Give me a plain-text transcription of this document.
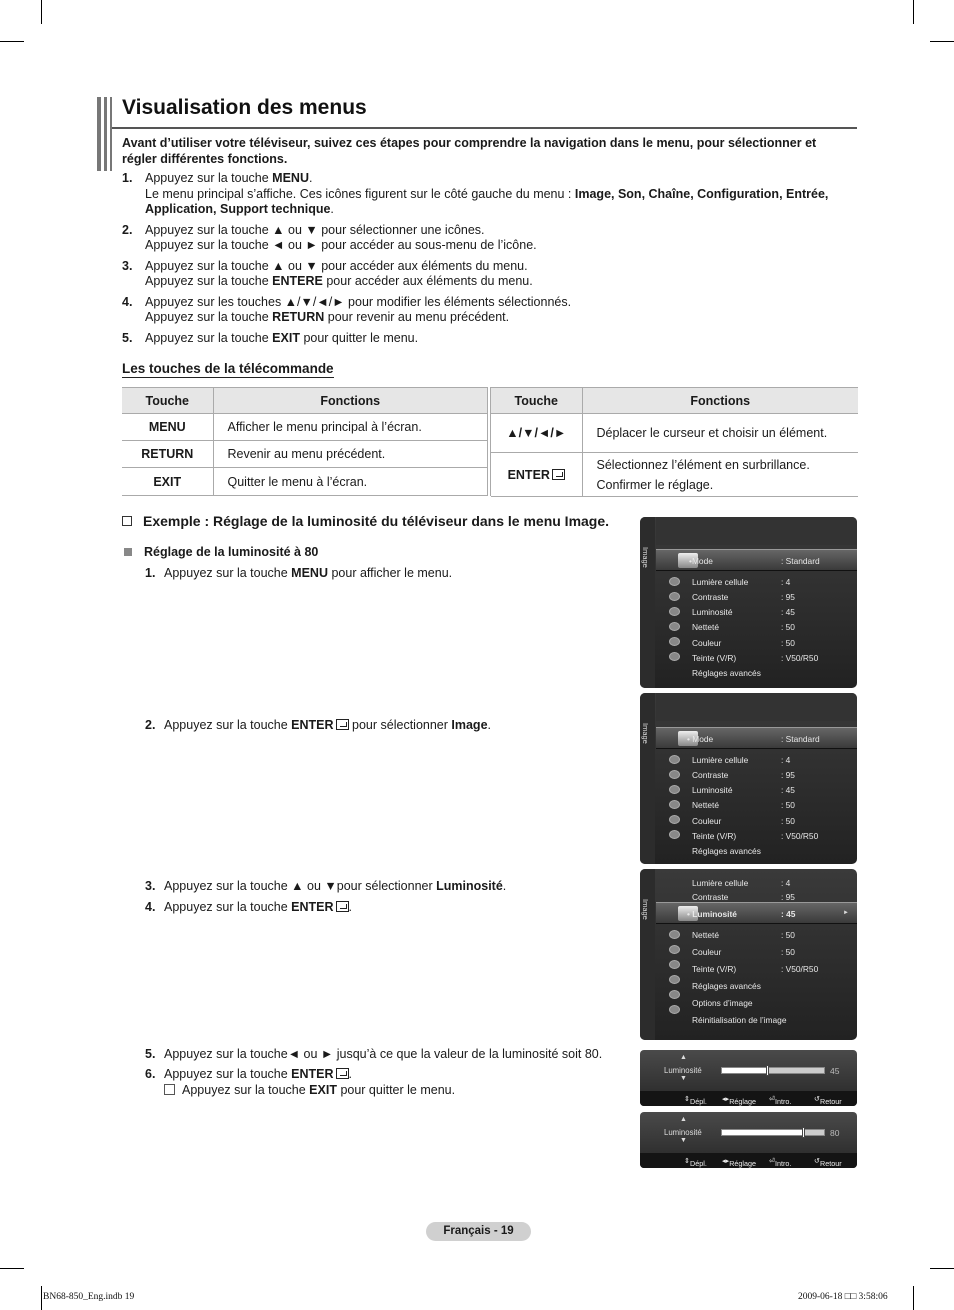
Visualisation des menus
Avant d’utiliser votre téléviseur, suivez ces étapes pour comprendre la navigation dans le menu, pour sélectionner et régler différentes fonctions.
1. Appuyez sur la touche MENU.
Le menu principal s’affiche. Ces icônes figurent sur le côté gauche du menu : Image, Son, Chaîne, Configuration, Entrée, Application, Support technique.
2. Appuyez sur la touche ▲ ou ▼ pour sélectionner une icônes.
Appuyez sur la touche ◄ ou ► pour accéder au sous-menu de l’icône.
3. Appuyez sur la touche ▲ ou ▼ pour accéder aux éléments du menu.
Appuyez sur la touche ENTERE pour accéder aux éléments du menu.
4. Appuyez sur les touches ▲/▼/◄/► pour modifier les éléments sélectionnés.
Appuyez sur la touche RETURN pour revenir au menu précédent.
5. Appuyez sur la touche EXIT pour quitter le menu.
Les touches de la télécommande
Touche	Fonctions
MENU	Afficher le menu principal à l’écran.
RETURN	Revenir au menu précédent.
EXIT	Quitter le menu à l’écran.
Touche	Fonctions
▲/▼/◄/►	Déplacer le curseur et choisir un élément.
ENTER	Sélectionnez l’élément en surbrillance.
Confirmer le réglage.
Exemple : Réglage de la luminosité du téléviseur dans le menu Image.
Réglage de la luminosité à 80
1. Appuyez sur la touche MENU pour afficher le menu.
2. Appuyez sur la touche ENTER pour sélectionner Image.
3. Appuyez sur la touche ▲ ou ▼pour sélectionner Luminosité.
4. Appuyez sur la touche ENTER .
5. Appuyez sur la touche◄ ou ► jusqu’à ce que la valeur de la luminosité soit 80.
6. Appuyez sur la touche ENTER .
Appuyez sur la touche EXIT pour quitter le menu.
Image	•Mode	: Standard
Lumière cellule	: 4
Contraste	: 95
Luminosité	: 45
Netteté	: 50
Couleur	: 50
Teinte (V/R)	: V50/R50
Réglages avancés
Image	• Mode	: Standard
Lumière cellule	: 4
Contraste	: 95
Luminosité	: 45
Netteté	: 50
Couleur	: 50
Teinte (V/R)	: V50/R50
Réglages avancés
Image
Lumière cellule	: 4
Contraste	: 95
• Luminosité	: 45	►
Netteté	: 50
Couleur	: 50
Teinte (V/R)	: V50/R50
Réglages avancés
Options d’image
Réinitialisation de l’image
▲
Luminosité
▼
45
⇕ Dépl. ◂▸ Réglage ⏎ Intro.	↺ Retour
▲
Luminosité
▼
80
⇕ Dépl. ◂▸ Réglage ⏎ Intro.	↺ Retour
Français - 19
BN68-850_Eng.indb 19	2009-06-18 □□ 3:58:06
